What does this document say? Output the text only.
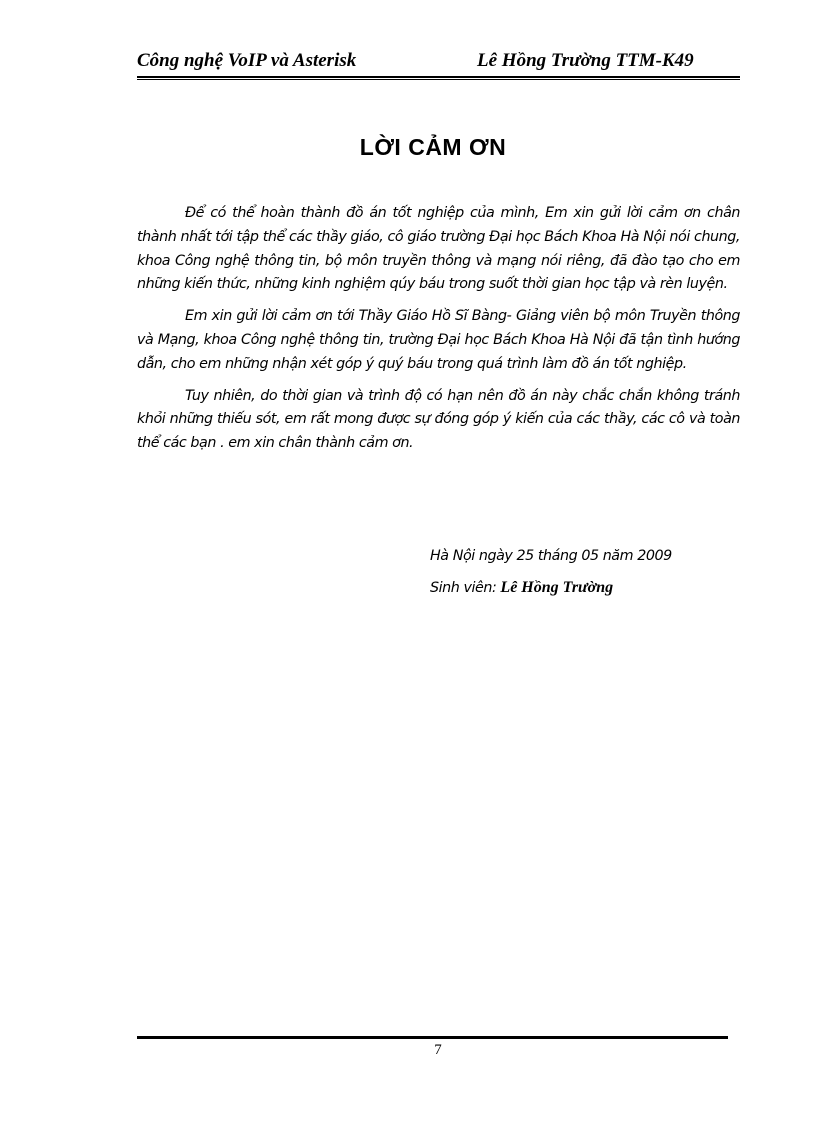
Công nghệ VoIP và Asterisk	Lê Hồng Trường TTM-K49
LỜI CẢM ƠN

Để có thể hoàn thành đồ án tốt nghiệp của mình, Em xin gửi lời cảm ơn chân thành nhất tới tập thể các thầy giáo, cô giáo trường Đại học Bách Khoa Hà Nội nói chung, khoa Công nghệ thông tin, bộ môn truyền thông và mạng nói riêng, đã đào tạo cho em những kiến thức, những kinh nghiệm qúy báu trong suốt thời gian học tập và rèn luyện.

Em xin gửi lời cảm ơn tới Thầy Giáo Hồ Sĩ Bàng- Giảng viên bộ môn Truyền thông và Mạng, khoa Công nghệ thông tin, trường Đại học Bách Khoa Hà Nội đã tận tình hướng dẫn, cho em những nhận xét góp ý quý báu trong quá trình làm đồ án tốt nghiệp.

Tuy nhiên, do thời gian và trình độ có hạn nên đồ án này chắc chắn không tránh khỏi những thiếu sót, em rất mong được sự đóng góp ý kiến của các thầy, các cô và toàn thể các bạn . em xin chân thành cảm ơn.

Hà Nội ngày 25 tháng 05 năm 2009
Sinh viên: Lê Hồng Trường
7
